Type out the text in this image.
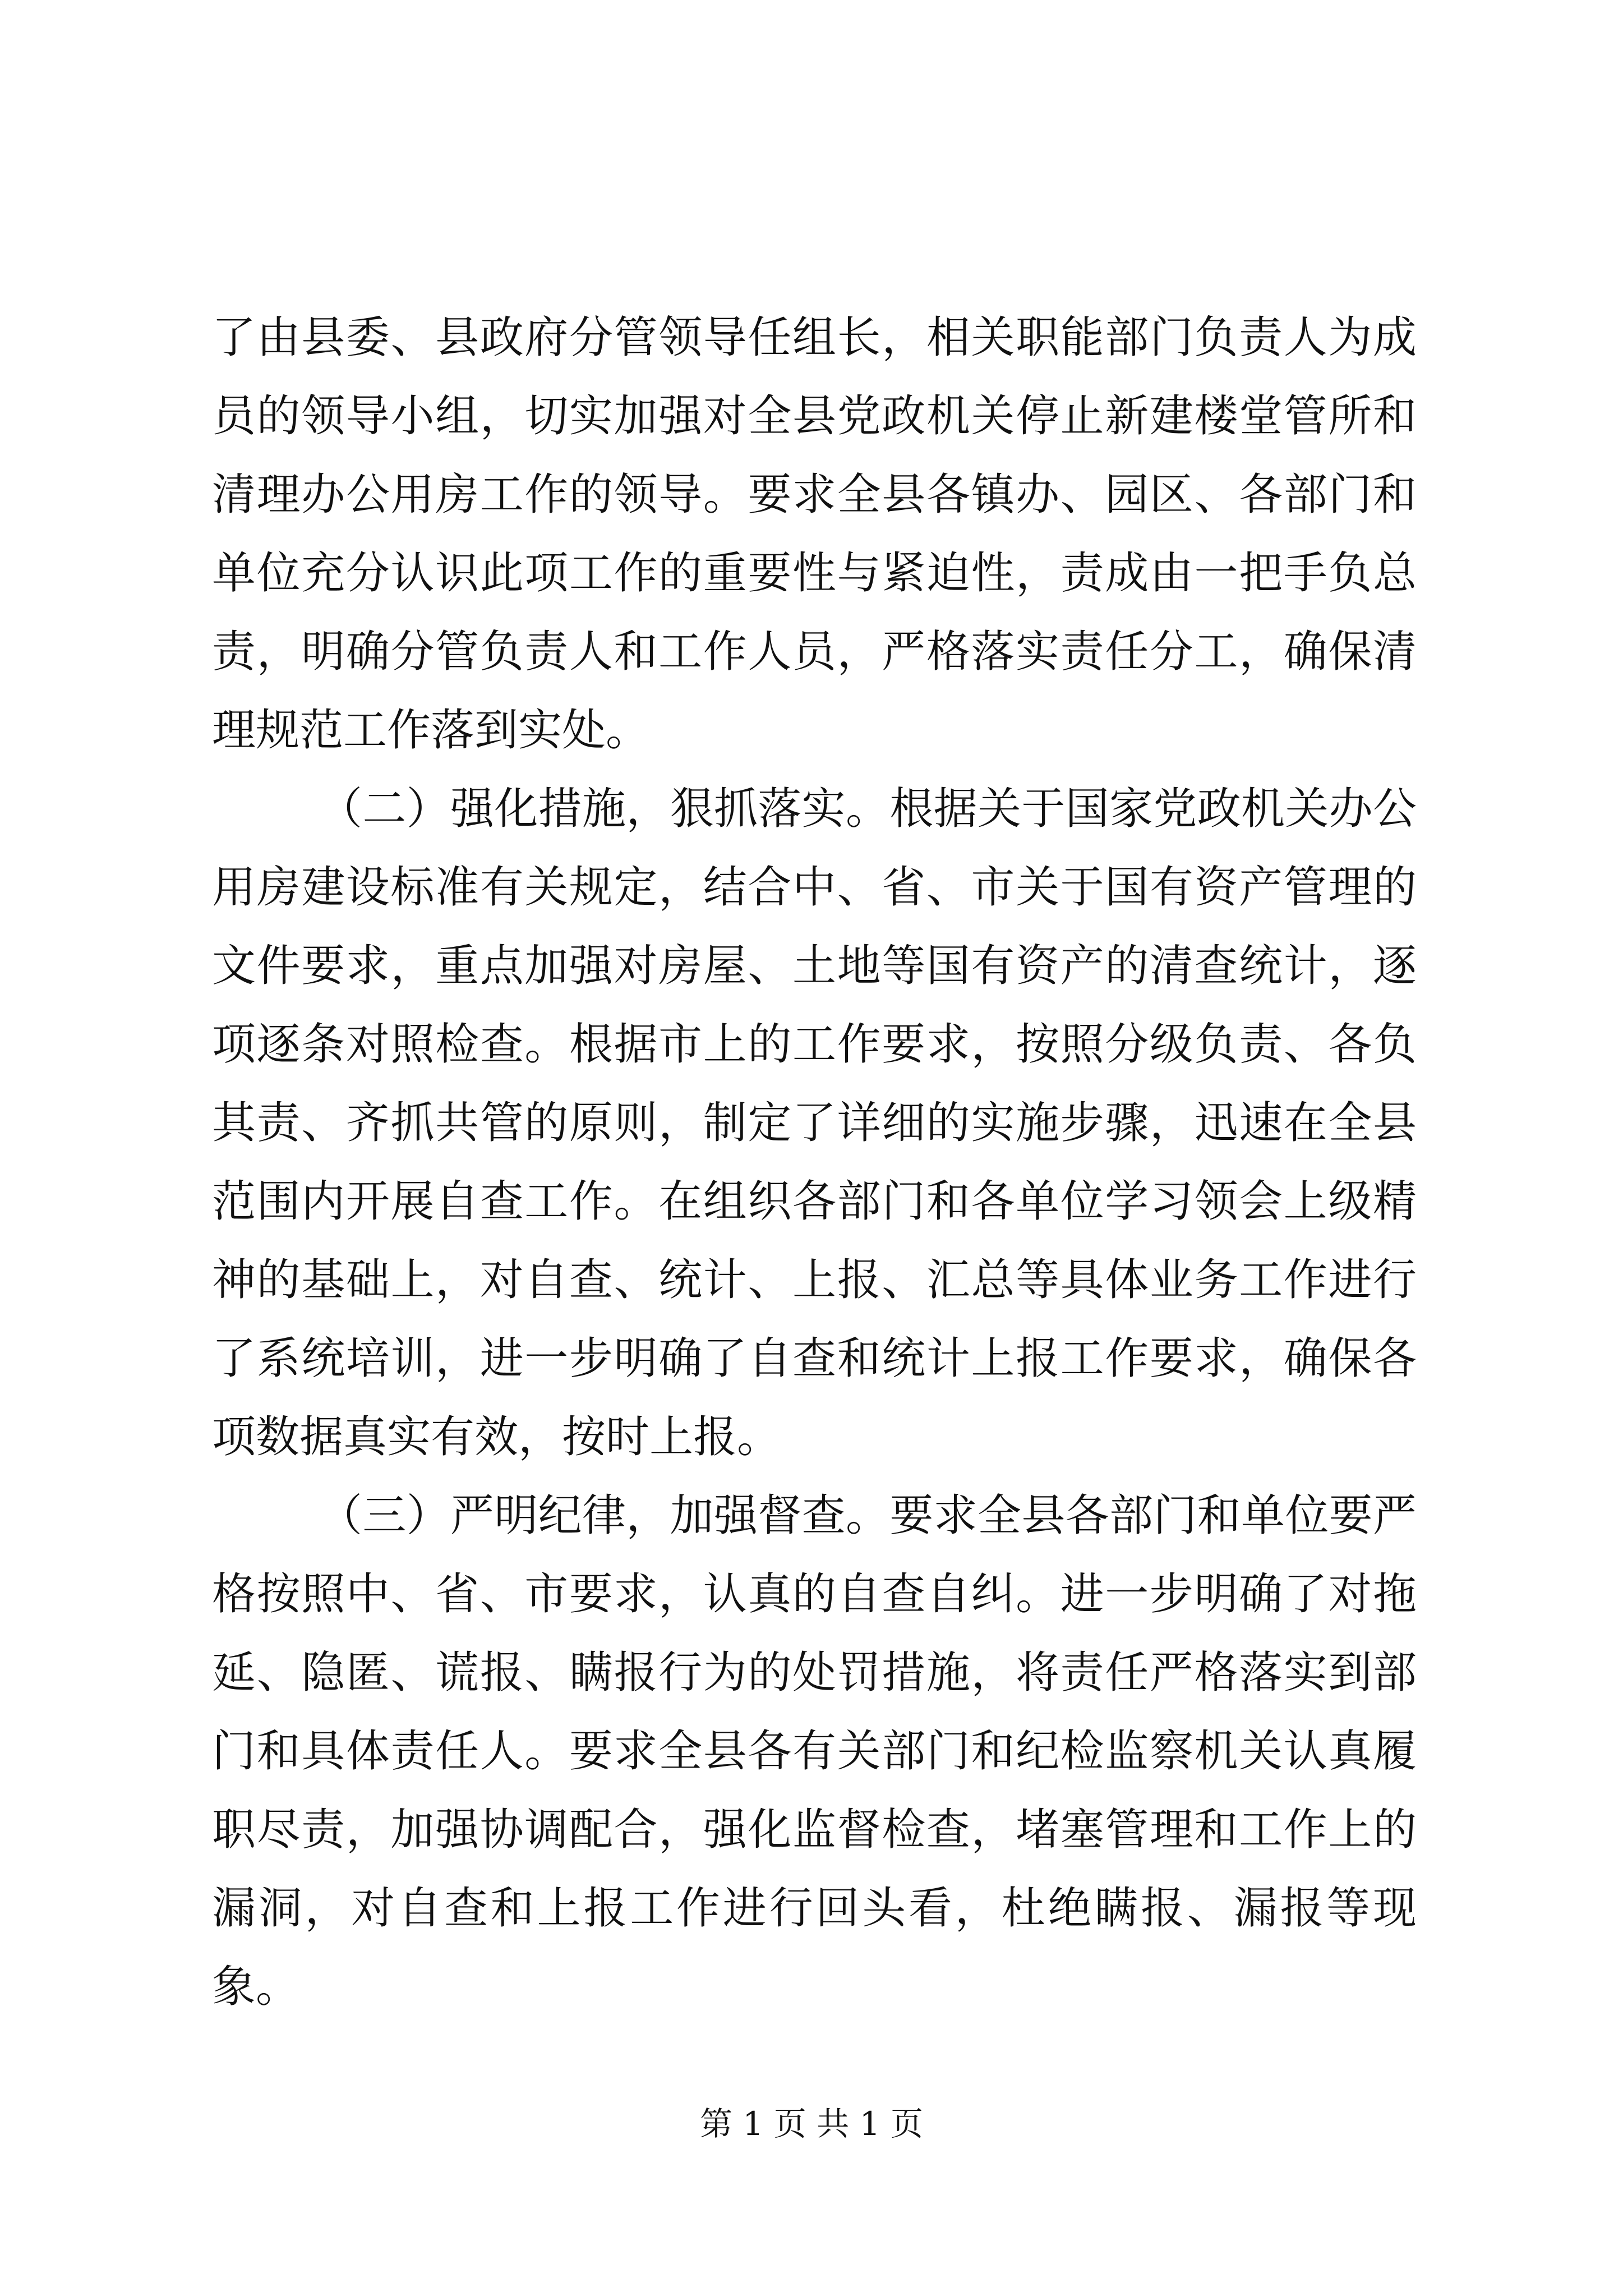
了由县委、县政府分管领导任组长，相关职能部门负责人为成员的领导小组，切实加强对全县党政机关停止新建楼堂管所和清理办公用房工作的领导。要求全县各镇办、园区、各部门和单位充分认识此项工作的重要性与紧迫性，责成由一把手负总责，明确分管负责人和工作人员，严格落实责任分工，确保清理规范工作落到实处。

（二）强化措施，狠抓落实。根据关于国家党政机关办公用房建设标准有关规定，结合中、省、市关于国有资产管理的文件要求，重点加强对房屋、土地等国有资产的清查统计，逐项逐条对照检查。根据市上的工作要求，按照分级负责、各负其责、齐抓共管的原则，制定了详细的实施步骤，迅速在全县范围内开展自查工作。在组织各部门和各单位学习领会上级精神的基础上，对自查、统计、上报、汇总等具体业务工作进行了系统培训，进一步明确了自查和统计上报工作要求，确保各项数据真实有效，按时上报。

（三）严明纪律，加强督查。要求全县各部门和单位要严格按照中、省、市要求，认真的自查自纠。进一步明确了对拖延、隐匿、谎报、瞒报行为的处罚措施，将责任严格落实到部门和具体责任人。要求全县各有关部门和纪检监察机关认真履职尽责，加强协调配合，强化监督检查，堵塞管理和工作上的漏洞，对自查和上报工作进行回头看，杜绝瞒报、漏报等现象。

第 1 页 共 1 页
